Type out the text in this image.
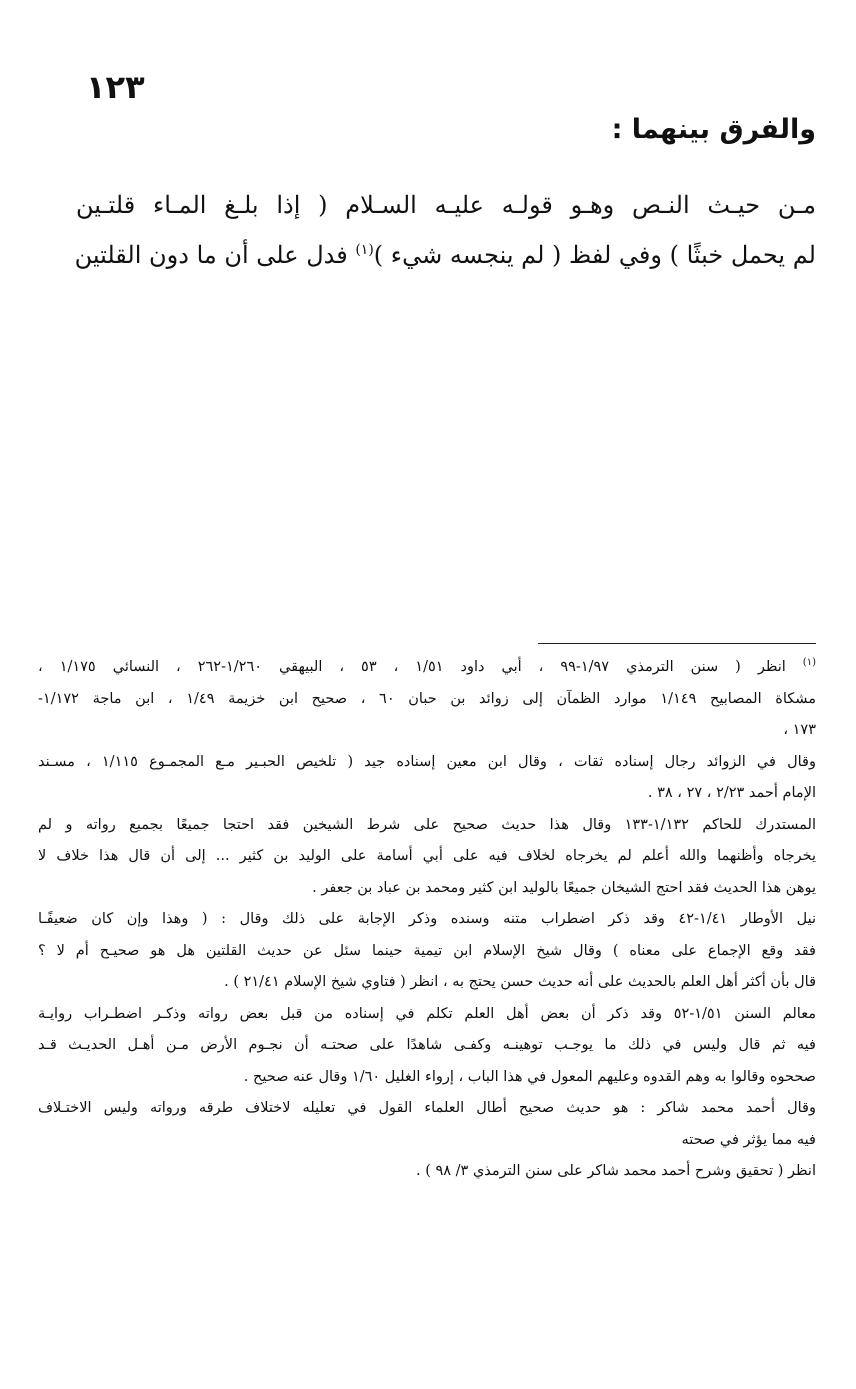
١٢٣
والفرق بينهما :
مـن حيـث النـص وهـو قولـه عليـه السـلام ( إذا بلـغ المـاء قلتـين
لم يحمل خبثًا ) وفي لفظ ( لم ينجسه شيء )$^{(١)}$ فدل على أن ما دون القلتين

$^{(١)}$ انظر ( سنن الترمذي ١/٩٧-٩٩ ، أبي داود ١/٥١ ، ٥٣ ، البيهقي ١/٢٦٠-٢٦٢ ، النسائي ١/١٧٥ ،
مشكاة المصابيح ١/١٤٩ موارد الظمآن إلى زوائد بن حبان ٦٠ ، صحيح ابن خزيمة ١/٤٩ ، ابن ماجة ١/١٧٢-
١٧٣ ،

وقال في الزوائد رجال إسناده ثقات ، وقال ابن معين إسناده جيد ( تلخيص الحبـير مـع المجمـوع ١/١١٥ ، مسـند
الإمام أحمد ٢/٢٣ ، ٢٧ ، ٣٨ .

المستدرك للحاكم ١/١٣٢-١٣٣ وقال هذا حديث صحيح على شرط الشيخين فقد احتجا جميعًا بجميع رواته و لم
يخرجاه وأظنهما والله أعلم لم يخرجاه لخلاف فيه على أبي أسامة على الوليد بن كثير ... إلى أن قال هذا خلاف لا
يوهن هذا الحديث فقد احتج الشيخان جميعًا بالوليد ابن كثير ومحمد بن عباد بن جعفر .

نيل الأوطار ١/٤١-٤٢ وقد ذكر اضطراب متنه وسنده وذكر الإجابة على ذلك وقال : ( وهذا وإن كان ضعيفًـا
فقد وقع الإجماع على معناه ) وقال شيخ الإسلام ابن تيمية حينما سئل عن حديث القلتين هل هو صحيـح أم لا ؟
قال بأن أكثر أهل العلم بالحديث على أنه حديث حسن يحتج به ، انظر ( فتاوي شيخ الإسلام ٢١/٤١ ) .

معالم السنن ١/٥١-٥٢ وقد ذكر أن بعض أهل العلم تكلم في إسناده من قبل بعض رواته وذكـر اضطـراب روايـة
فيه ثم قال وليس في ذلك ما يوجـب توهينـه وكفـى شاهدًا على صحتـه أن نجـوم الأرض مـن أهـل الحديـث قـد
صححوه وقالوا به وهم القدوه وعليهم المعول في هذا الباب ، إرواء الغليل ١/٦٠ وقال عنه صحيح .

وقال أحمد محمد شاكر : هو حديث صحيح أطال العلماء القول في تعليله لاختلاف طرقه ورواته وليس الاختـلاف
فيه مما يؤثر في صحته

انظر ( تحقيق وشرح أحمد محمد شاكر على سنن الترمذي ٣/ ٩٨ ) .
